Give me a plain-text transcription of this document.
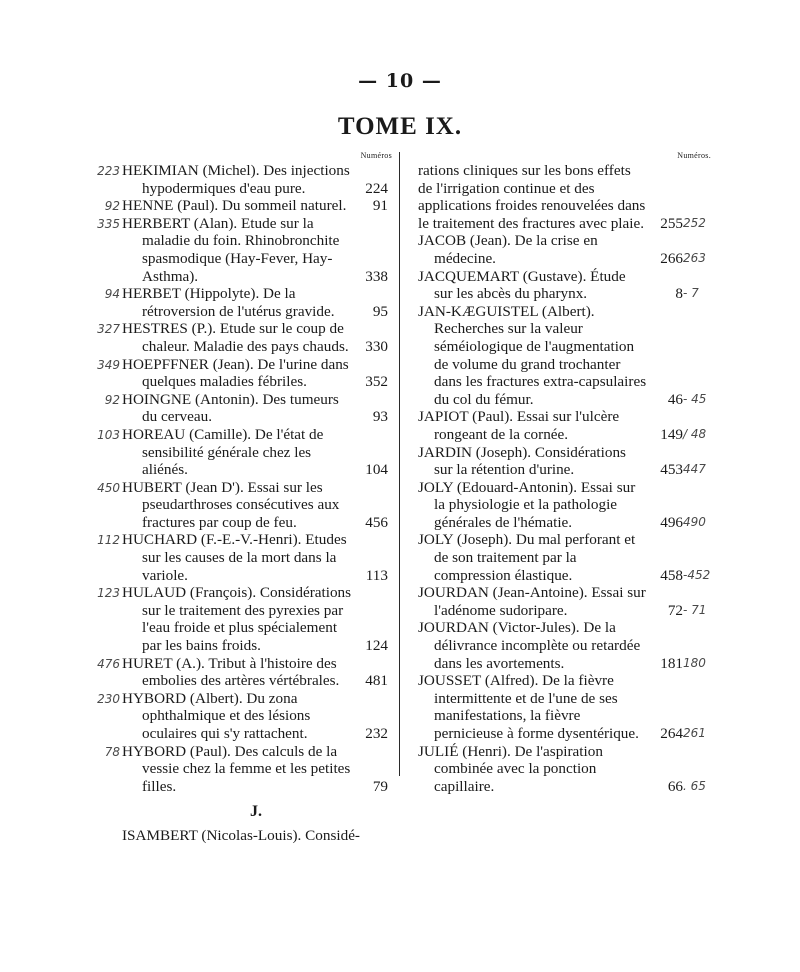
— 10 —
TOME IX.
Numéros
223 HEKIMIAN (Michel). Des injections hypodermiques d'eau pure.	224
92 HENNE (Paul). Du sommeil naturel.	91
335 HERBERT (Alan). Etude sur la maladie du foin. Rhinobronchite spasmodique (Hay-Fever, Hay-Asthma).	338
94 HERBET (Hippolyte). De la rétroversion de l'utérus gravide.	95
327 HESTRES (P.). Etude sur le coup de chaleur. Maladie des pays chauds.	330
349 HOEPFFNER (Jean). De l'urine dans quelques maladies fébriles.	352
92 HOINGNE (Antonin). Des tumeurs du cerveau.	93
103 HOREAU (Camille). De l'état de sensibilité générale chez les aliénés.	104
450 HUBERT (Jean D'). Essai sur les pseudarthroses consécutives aux fractures par coup de feu.	456
112 HUCHARD (F.-E.-V.-Henri). Etudes sur les causes de la mort dans la variole.	113
123 HULAUD (François). Considérations sur le traitement des pyrexies par l'eau froide et plus spécialement par les bains froids.	124
476 HURET (A.). Tribut à l'histoire des embolies des artères vértébrales.	481
230 HYBORD (Albert). Du zona ophthalmique et des lésions oculaires qui s'y rattachent.	232
78 HYBORD (Paul). Des calculs de la vessie chez la femme et les petites filles.	79
J.
ISAMBERT (Nicolas-Louis). Considé-
Numéros.
rations cliniques sur les bons effets de l'irrigation continue et des applications froides renouvelées dans le traitement des fractures avec plaie. 255 252
JACOB (Jean). De la crise en médecine.	266 263
JACQUEMART (Gustave). Étude sur les abcès du pharynx.	8 - 7
JAN-KÆGUISTEL (Albert). Recherches sur la valeur séméiologique de l'augmentation de volume du grand trochanter dans les fractures extra-capsulaires du col du fémur.	46 - 45
JAPIOT (Paul). Essai sur l'ulcère rongeant de la cornée.	149 / 48
JARDIN (Joseph). Considérations sur la rétention d'urine.	453 447
JOLY (Edouard-Antonin). Essai sur la physiologie et la pathologie générales de l'hématie.	496 490
JOLY (Joseph). Du mal perforant et de son traitement par la compression élastique.	458 -452
JOURDAN (Jean-Antoine). Essai sur l'adénome sudoripare.	72 - 71
JOURDAN (Victor-Jules). De la délivrance incomplète ou retardée dans les avortements.	181 180
JOUSSET (Alfred). De la fièvre intermittente et de l'une de ses manifestations, la fièvre pernicieuse à forme dysentérique.	264 261
JULIÉ (Henri). De l'aspiration combinée avec la ponction capillaire.	66 . 65
